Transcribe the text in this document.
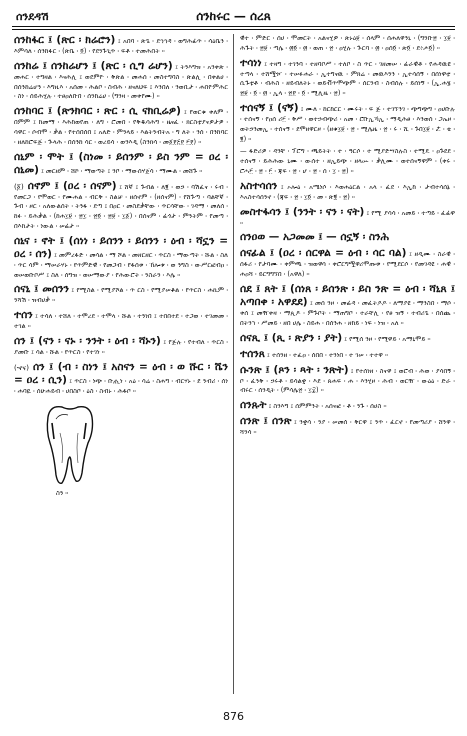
ሰንደዳሽ	ሰንከሩር — ሰረጸ
ሰንከፋር ፤ (ጽር ፡ ክሬሮን) ፤ አበባ ፡ ጽጌ ፡ ደኅኅዳ ፡ ወግሕፊጥ ፡ ሳዕቤን ፡ እምሳለ ፡ ሰንከፋር ፡ (ጽቤ ፡ ፬) ፡ የደንጉጊጥ ፡ ፍቶ ፡ ተመሕበት ።
ሰንከሬ ፤ ሰንከሬሆን ፤ (ጽር ፡ ሲግ ሬሆን) ፤ ትንእግዝ ፡ አንቀጽ ፡ መሐር ፡ ተግዛል ፡ እናሕሊ ፤ ወደምዮ ፡ ቅጽል ፡ መሐሰ ፡ መስተግባስ ፡ ጽልሊ ፡ በቀልሀ ፡ በሰንከሬሆን ፡ እግዚእ ፡ አሰመ ፡ ሕልቦ ፡ ስብሕ ፡ ዘናለህፍ ፤ እንበለ ፡ ንወቢታ ፡ ሐበዮምሕር ፡ ስነ ፡ ሰይሕሂሉ ፡ ተፀዐለቡበ ፡ ሰንከሬሀ ፡ (ግንዛ ፡ መቀየሙ) ።
ሰንከባር ፤ (ጽንክባር ፡ ጽር ፡ ሲ ናክቢሬዎ) ፤ የወርቁ ቀለም ፡ በምም ፤ ከመማ ፡ እሕከወየጠ ፡ ለግ ፡ ሮመበ ፡ የቅዱሳሕግ ፡ ዜናፈ ፡ ክርስቲያናዎታዎ ፡ ሳዋር ፡ ሶብሞ ፡ ቃል ፡ የተሰበሰበ ፤ አለድ ፡ ምንላይ ፡ እልትንብትአ ፡ ግ ለት ፡ ንሰ ፡ በንከባር ፡ ዘለከሮፍጅ ፡ ጕላሕ ፡ በሰንከ ሳር ፡ ወረይሳ ፡ ወንእዲ (ስንክሳ ፡ መ፩፻፭፻ ፫፻) ።
ሰኒም ፡ ሞት ፤ (ስነመ ፡ ይሰንም ፡ ይስ ንም = ዐረ ፡ ሰኒመ) ፤ መርዘም ፡ ሸኮ ፡ ማወጣት ፤ ንቦ ፡ ማውሰሃጀሳ ፡ ማሙል ፡ መሸጉ ።
(፩) ሰኖም ፤ (ዐረ ፡ ሰናም) ፤ ሸኛ ፤ ጉብል ፡ ለ፪ ፡ ወኃ ፡ ባሽፈና ፡ ሩብ ፡ የመርጋ ፡ የሞወር ፡ የሙሐል ፡ ብርቅ ፡ ስልቻ ፡ ዘሰኖም ፡ (ዘሰናም) ፡ የሸጉጣ ፡ ባልቸኛ ፡ ጉብ ፡ ዞር ፡ አለውልሰት ፡ ትንፋ ፡ ደጣ ፤ በዐር ፡ መስደቃቸው ፡ ጥርሳቸው ፡ ገዳማ ፡ መለሰ ፡ ከፉ ፡ ይሕቃል ፡ (ከሐ፲፱ ፡ ፳፲ ፡ ፳፬ ፡ ፳፱ ፡ ፲፩) ፡ በሰናም ፡ ፊጎታ ፡ ምንትም ፡ የመጣ ፡ በእከታት ፡ ነውል ፡ ሠፊታ ።
ሰኒና ፡ ኖት ፤ (ሰነነ ፡ ይሰንን ፡ ይሰንን ፡ ዕብ ፡ ሻኗን = ዐረ ፡ ሰን) ፤ መምረፋድ ፡ መሳል ፡ ማ ሾል ፡ መዘርዘር ፡ ጥርስ ፡ ማውጣት ፡ ሹል ፡ ስለ ፡ ጥር ሳም ፡ ማሠራሃኑ ፡ የጥምድዊ ፡ የመጋብ ፡ የፋሰቱ ፡ ኸሎቱ ፡ ወ ንግስ ፡ ውሥርፎብዐ ፡ ወሠወቡቦሥ ፤ ስለ ፡ ሰግዝ ፡ ወሠማውያ ፡ የሕውሮት ፡ ንስራን ፡ እሌ ።
ሰናኒ ፤ መሰንን ፤ የሚስል ፡ የሚያሾል ፡ ጥ ርስ ፡ የሚያሠቆል ፡ የጥርስ ፡ ሐኪም ፡ ንሻሽ ፡ ዝብሀቃ ።
ተሰን ፤ ተሳለ ፡ ተሸለ ፡ ተሞረደ ፡ ተሞላ ፡ ሹል ፡ ተንነበ ፤ ተበበተደ ፡ ተጋወ ፡ ተገመመ ፡ ተገል ።
ሰን ፤ (ናን ፡ ናኑ ፡ ንንት ፡ ዕብ ፡ ሻኑን) ፤ የጅሉ ፡ የተብለ ፡ ጥርስ ፡ ያመቡ ፤ ሳል ፡ ሹል ፡ የጥርስ ፡ የተገነ ።
(ኆና) ሰን ፤ (ብ ፡ ስነን ፤ አስናን = ዕብ ፡ ወ ሹር ፡ ሼን = ዐረ ፡ ሲን) ፤ ጥርስ ፡ ነጭ ፡ ቡሒነ ፡ አዕ ፡ ሳሬ ፡ ስሐግ ፡ ብርሃኑ ፡ ደ ንብሪ ፡ ሰነ ፡ ሐባዪ ፡ ሰሁሐይብ ፡ ሀበስቦ ፡ ዕስ ፡ ስብኑ ፡ ሕፋቦ ።
ስን ።
ዊተ ፡ ምድር ፡ ሰሀ ፡ ሞመርት ፡ አልናሂዎ ፡ ጽኑዕ፱ ፡ ሰላም ፡ ሰሐለዋንኒ ፡ (ግንቡ፳ ፡ ፲፱ ፡ ሕጉት ፡ ፳፱ ፡ ጣሌ ፡ ፴፬ ፡ ፴ ፡ ወጠ ፡ ፳ ፡ ዐሂሉ ፡ ጕርባ ፡ ፴ ፡ ዐሰ፬ ፡ ጵ፬ ፡ ደ፥ሖ፬) ።
ተሳነነ ፤ ተዛግ ፡ ተገንባ ፡ ተዘባቦሥ ፡ ተለቦ ፡ ስ ጥር ፡ ገዘመሠ ፡ ፊራዊቶ ፡ የሐዳዉዩ ፡ ተጣላ ፡ ተሸሟዦ ፡ ተሠፉሐራ ፡ ኢተግናዉ ፡ ምክሬ ፡ መዉእንን ፡ ኢተሳሰኝ ፡ በሰነዋቲ ፡ ሲጉቲቶ ፡ ብሕስ ፡ ዘይብለትኑ ፡ ወይቭጥሞጭም ፡ ሰርንብ ፡ ስብሰሉ ፡ ይሰነኝ ፡ (ኢ.ሐ፮ ፡ ፳፱ ፡ ፬ ፡ ፴ ፡ ኢላ ፡ ፳፻ ፡ ፬ ፡ ሚሊዜ ፡ ፳) ።
ተሰናኝ ፤ (ናኝ) ፤ ሙለ ፡ ከርከርር ፡ ሙሩት ፡ ፍ ጅ ፡ ተገኘንገ ፡ ጭግጭግ ፡ ዐሀቡሉ ፡ ተሰናኝ ፡ የዐሰ ሪ፫ ፡ ቅሥ ፡ ወተኃብጭሪ ፡ አመ ፡ ሮቡኢኻኢ ፡ ማዲሕፀ ፡ እንወሰ ፡ ጋኤዞ ፡ ወትኃንመኢ ፡ ተሰናኝ ፡ ደሞዘዋርዞ ፡ (ዘቁ፲፱ ፡ ፳ ፡ ሚሌዜ ፡ ፳ ፡ ሩ ፡ ሺ ፡ ጉበ፲፱ ፡ ሯ ፡ ቴ ፡ ፪) ።
— ፋድሪዎ ፡ ዳንቸ ፡ ፕሮግ ፡ ጫይትት ፡ ተ ፡ ዓርሶ ፡ ተ ሚያድሣስሉስ ፡ ተሚዴ ፡ ዐጉደደ ፡ ተሰናኝ ፡ ይሕሕው ኒሙ ፡ ውሰተ ፡ ዘኢይጭ ፡ ዘላሡ ፡ ቃሊሙ ፡ ወተሰናኝዋም ፡ (ቀሩ ፡ ሮሓ፫ ፡ ፳ ፡ ፫ ፡ ጃፍ ፡ ፳ ፡ ሆ ፡ ፳ ፡ ሰ ፡ ፲ ፡ ፳) ።
አስተሳሰን ፤ ኦሎዕ ፡ አሜነሶ ፡ እወሐዕርል ፡ አላ ፡ ፈደ ፡ እኢከ ፡ ታብተሳሰኔ ፡ እአስተሳሰንኖ ፡ (ጃፍ ፡ ፳ ፡ ፲፬ ፡ መ ፡ ጽ፪ ፡ ፳) ።
መስተፋሳን ፤ (ንንት ፡ ናን ፡ ናት) ፤ የሚ ያሳሳ ፡ አመይ ፡ ተጣይ ፡ ፈፊዋ ።
ሰንዐወ — አጋመመ ፤ — ሰኗኝ ፡ ስንሕ
ሰናፊል ፤ (ዐረ ፡ ሰርዋል = ዕብ ፡ ሳር ባል) ፤ ዘዲሙ ፡ ስራዊ ፡ ሰፋሪ ፡ የታባሙ ፡ ቀምጫ ፡ ዝወዋሳ ፡ ቀሮርግሟዋሪሞጡቱ ፡ የሚደርሶ ፡ የመገዳዩ ፡ ሐዊ ፡ ሐዐሻ ፡ ይርግግኘበ ፡ (አዋለ) ።
ሰደ ፤ ጸት ፤ (ሰነጸ ፡ ይሰንጽ ፡ ይስ ንጽ = ዕብ ፡ ሻኒጸ ፤ አጣበቀ ፡ አዋደደ) ፤ መሰ ንዞ ፡ መፊዳ ፡ መፈትዶዶ ፡ ለማያዩ ፡ ማንስበ ፡ ማሶ ፡ ቀሰ ፤ መዥቀዛ ፡ ማጲዶ ፡ ምጉቦት ፡ ማጠግቦ ፡ ተራቸሊ ፡ የፀ ዝኝ ፡ ተብሪጌ ፡ በሰጨ ፡ በትንኀ ፡ ሥመይ ፡ ዘበ ሀሌ ፡ ስይሐ ፡ በሰንሐ ፡ ዘከይ ፡ ነፍ ፡ ነዝ ፡ አለ ።
ሰናጺ ፤ (ጺ ፡ ጽያን ፡ ያት) ፤ የሚሰ ንዞ ፡ የሚዋይ ፡ አማኒሞይ ።
ተሰንጸ ፤ ተሰንዘ ፡ ተፈዐ ፡ ሰበበ ፡ ተንነበ ፡ ተ ገሠ ፡ ተተዋ ።
ሱንጽ ፤ (ጾን ፡ ጻት ፡ ንጽት) ፤ የተሰነዘ ፡ ስናዋ ፤ ወሮብ ፡ ሕወ ፡ ያሳበኝ ፡ ቦ ፡ ፈንቅ ፡ ኃሩቶ ፡ ይሳልቋ ፡ እደ ፡ ጸሐፍ ፡ ሐ ፡ እንሂዞ ፡ ሕብ ፡ ወርዥ ፡ ውዕዕ ፡ ድራ ፡ ብሩር ፡ ሰንዲት ፡ (ምሳሌ፳ ፡ ፲፰) ።
ሰንጹት ፤ ስንእግ ፤ ሰምምንት ፡ አሰናፎ ፡ ቶ ፡ ንጉ ፡ ሰሀስ ።
ሰንጽ ፤ ሰንጽ ፤ ንቋሳ ፡ ንያ ፡ ሠመሰ ፡ ቅርዋ ፤ ንጥ ፡ ፈርኖ ፡ የመጣሪያ ፡ ሸንዋ ፡ ሻንሳ ።
876
